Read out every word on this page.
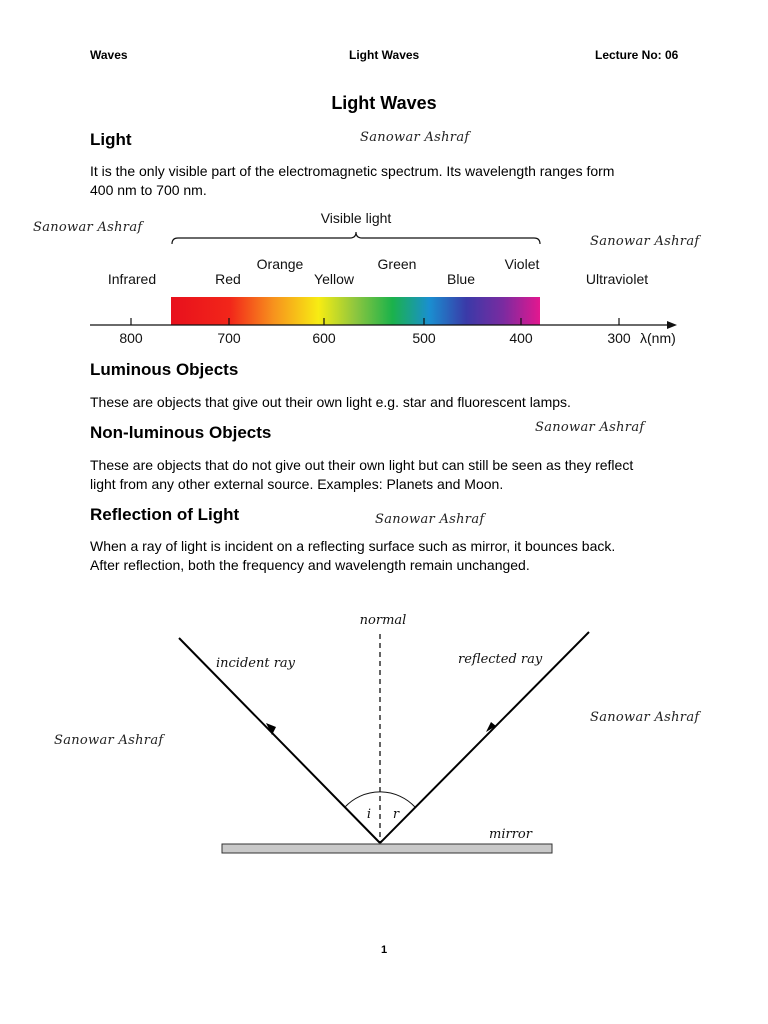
Waves	Light Waves	Lecture No: 06
Light Waves
Light	Sanowar Ashraf
It is the only visible part of the electromagnetic spectrum. Its wavelength ranges form
400 nm to 700 nm.
Sanowar Ashraf
Sanowar Ashraf
Visible light
Infrared	Red
Orange
Yellow
Green
Blue
Violet
Ultraviolet
800	700	600	500	400	300 λ(nm)
Luminous Objects
These are objects that give out their own light e.g. star and fluorescent lamps.
Non-luminous Objects	Sanowar Ashraf
These are objects that do not give out their own light but can still be seen as they reflect
light from any other external source. Examples: Planets and Moon.
Reflection of Light	Sanowar Ashraf
When a ray of light is incident on a reflecting surface such as mirror, it bounces back.
After reflection, both the frequency and wavelength remain unchanged.
Sanowar Ashraf
Sanowar Ashraf
normal
incident ray	reflected ray
i r
mirror
1
